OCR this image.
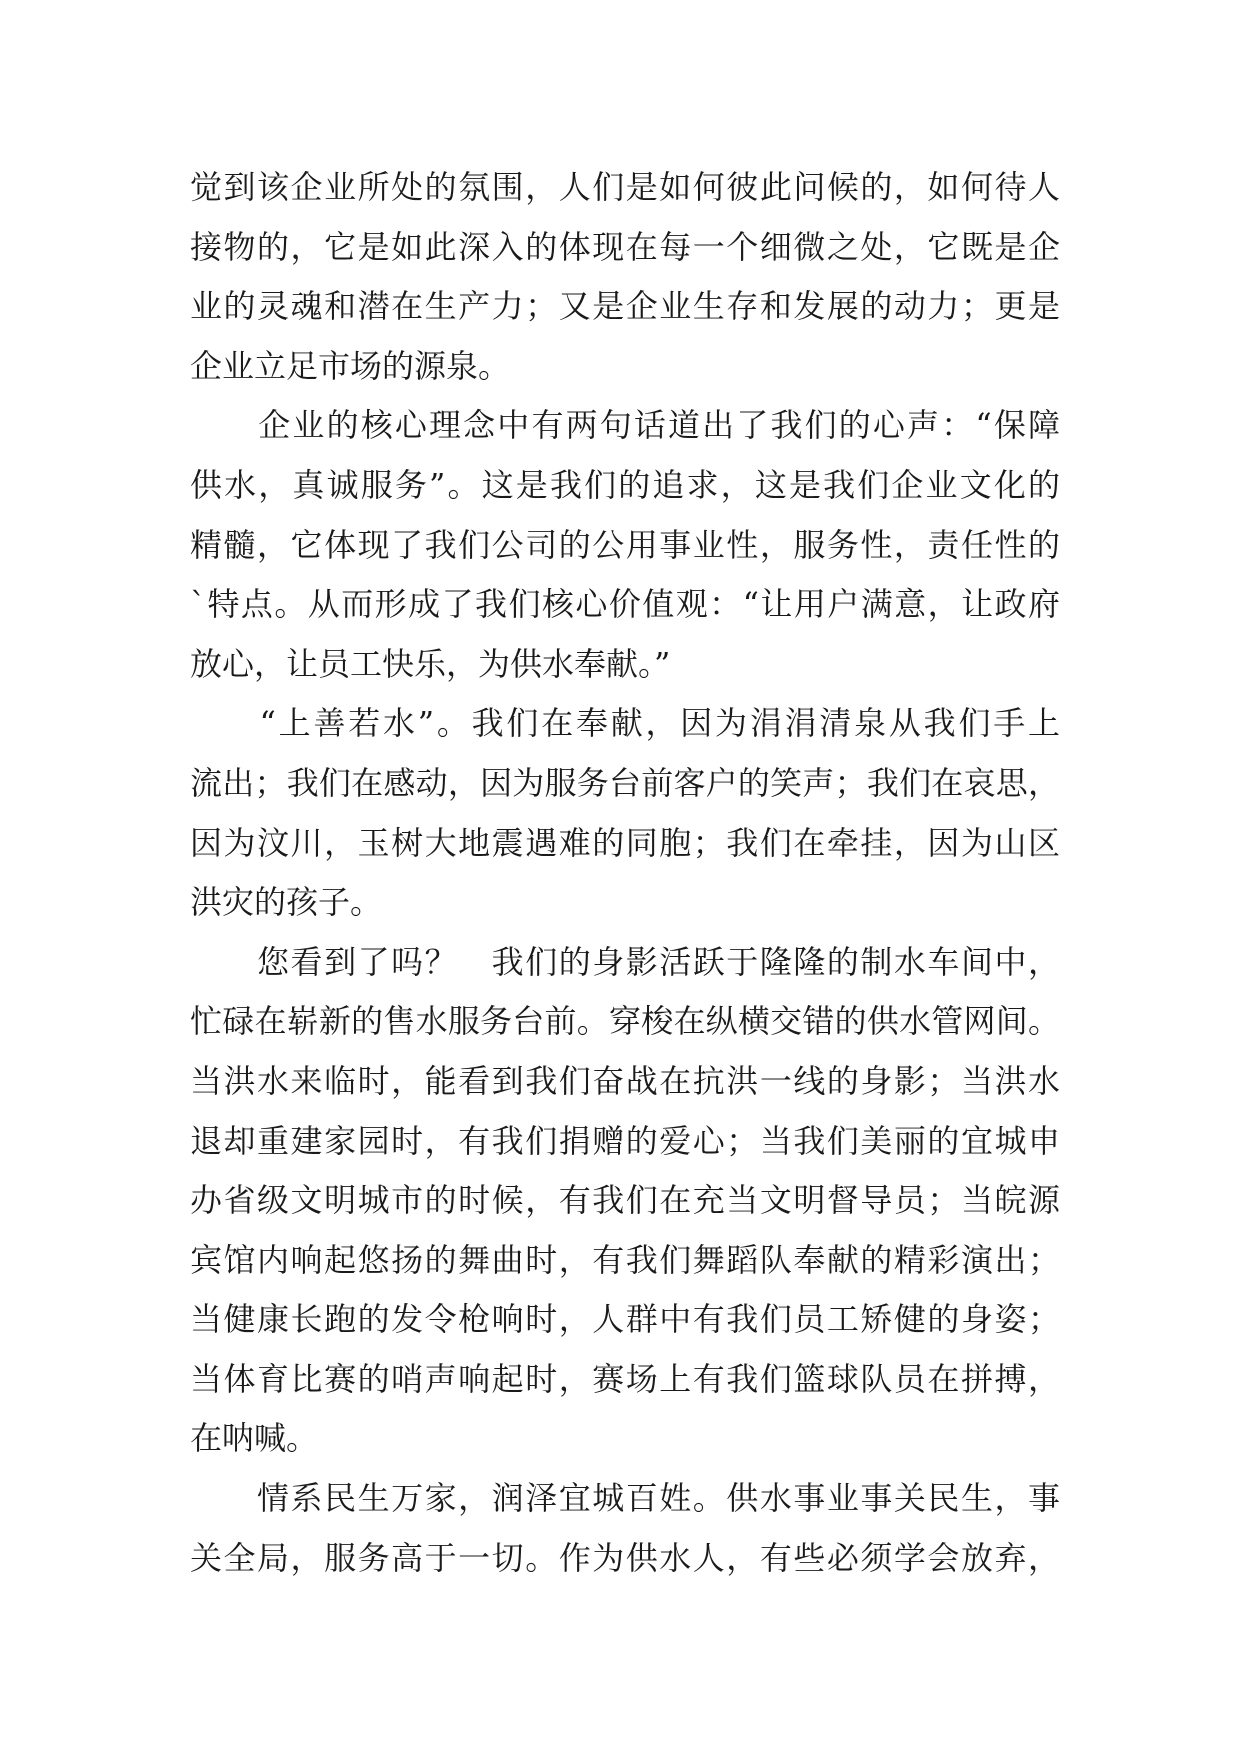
觉到该企业所处的氛围，人们是如何彼此问候的，如何待人
接物的，它是如此深入的体现在每一个细微之处，它既是企
业的灵魂和潜在生产力；又是企业生存和发展的动力；更是
企业立足市场的源泉。
　　企业的核心理念中有两句话道出了我们的心声：“保障
供水，真诚服务”。这是我们的追求，这是我们企业文化的
精髓，它体现了我们公司的公用事业性，服务性，责任性的
`特点。从而形成了我们核心价值观：“让用户满意，让政府
放心，让员工快乐，为供水奉献。”
　　“上善若水”。我们在奉献，因为涓涓清泉从我们手上
流出；我们在感动，因为服务台前客户的笑声；我们在哀思，
因为汶川，玉树大地震遇难的同胞；我们在牵挂，因为山区
洪灾的孩子。
　　您看到了吗？　我们的身影活跃于隆隆的制水车间中，
忙碌在崭新的售水服务台前。穿梭在纵横交错的供水管网间。
当洪水来临时，能看到我们奋战在抗洪一线的身影；当洪水
退却重建家园时，有我们捐赠的爱心；当我们美丽的宜城申
办省级文明城市的时候，有我们在充当文明督导员；当皖源
宾馆内响起悠扬的舞曲时，有我们舞蹈队奉献的精彩演出；
当健康长跑的发令枪响时，人群中有我们员工矫健的身姿；
当体育比赛的哨声响起时，赛场上有我们篮球队员在拼搏，
在呐喊。
　　情系民生万家，润泽宜城百姓。供水事业事关民生，事
关全局，服务高于一切。作为供水人，有些必须学会放弃，
